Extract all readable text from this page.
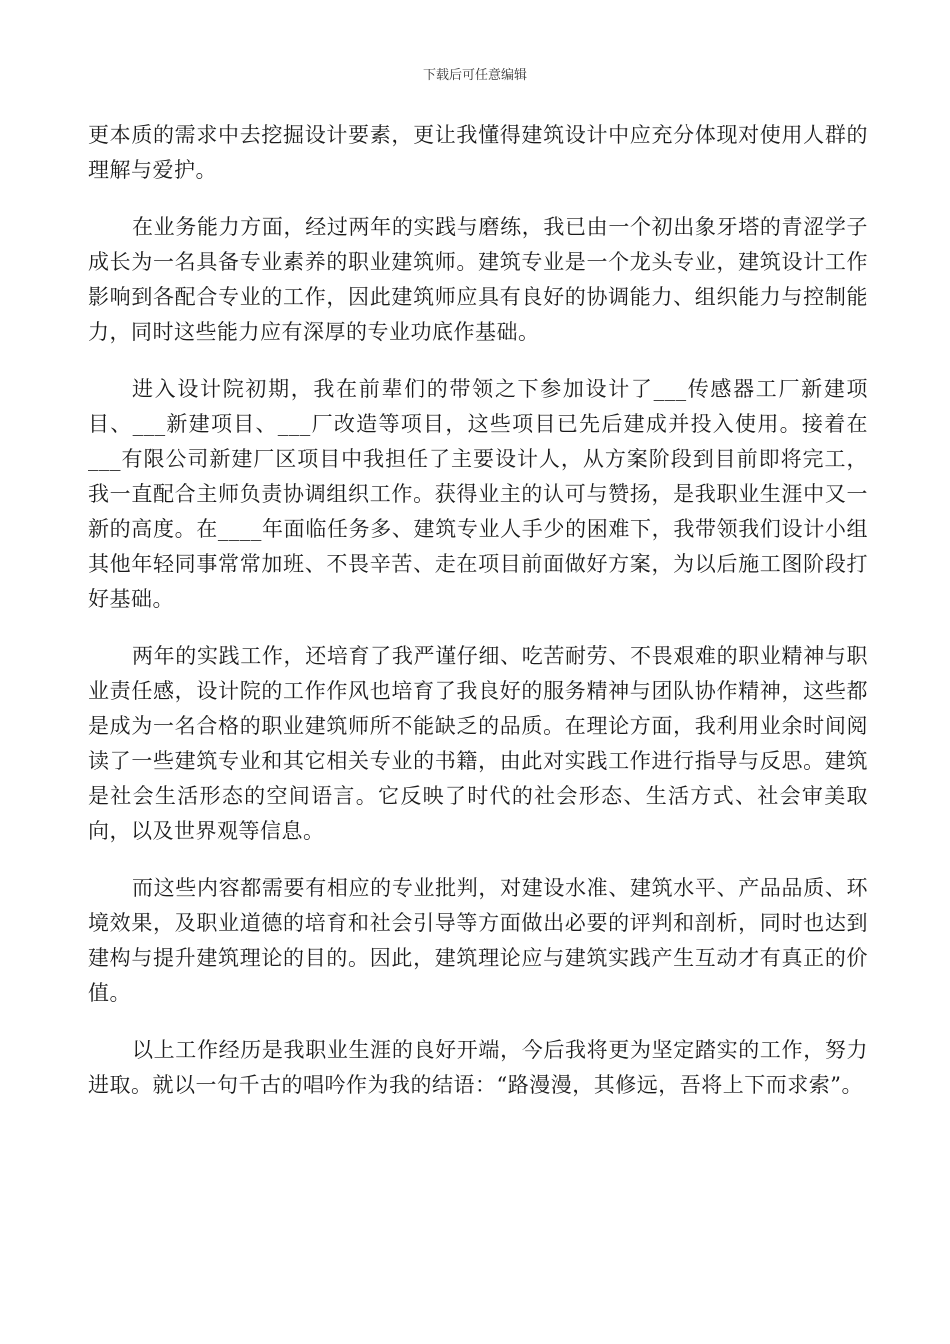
下载后可任意编辑

更本质的需求中去挖掘设计要素，更让我懂得建筑设计中应充分体现对使用人群的理解与爱护。

在业务能力方面，经过两年的实践与磨练，我已由一个初出象牙塔的青涩学子成长为一名具备专业素养的职业建筑师。建筑专业是一个龙头专业，建筑设计工作影响到各配合专业的工作，因此建筑师应具有良好的协调能力、组织能力与控制能力，同时这些能力应有深厚的专业功底作基础。

进入设计院初期，我在前辈们的带领之下参加设计了___传感器工厂新建项目、___新建项目、___厂改造等项目，这些项目已先后建成并投入使用。接着在___有限公司新建厂区项目中我担任了主要设计人，从方案阶段到目前即将完工，我一直配合主师负责协调组织工作。获得业主的认可与赞扬，是我职业生涯中又一新的高度。在____年面临任务多、建筑专业人手少的困难下，我带领我们设计小组其他年轻同事常常加班、不畏辛苦、走在项目前面做好方案，为以后施工图阶段打好基础。

两年的实践工作，还培育了我严谨仔细、吃苦耐劳、不畏艰难的职业精神与职业责任感，设计院的工作作风也培育了我良好的服务精神与团队协作精神，这些都是成为一名合格的职业建筑师所不能缺乏的品质。在理论方面，我利用业余时间阅读了一些建筑专业和其它相关专业的书籍，由此对实践工作进行指导与反思。建筑是社会生活形态的空间语言。它反映了时代的社会形态、生活方式、社会审美取向，以及世界观等信息。

而这些内容都需要有相应的专业批判，对建设水准、建筑水平、产品品质、环境效果，及职业道德的培育和社会引导等方面做出必要的评判和剖析，同时也达到建构与提升建筑理论的目的。因此，建筑理论应与建筑实践产生互动才有真正的价值。

以上工作经历是我职业生涯的良好开端，今后我将更为坚定踏实的工作，努力进取。就以一句千古的唱吟作为我的结语：“路漫漫，其修远，吾将上下而求索”。
